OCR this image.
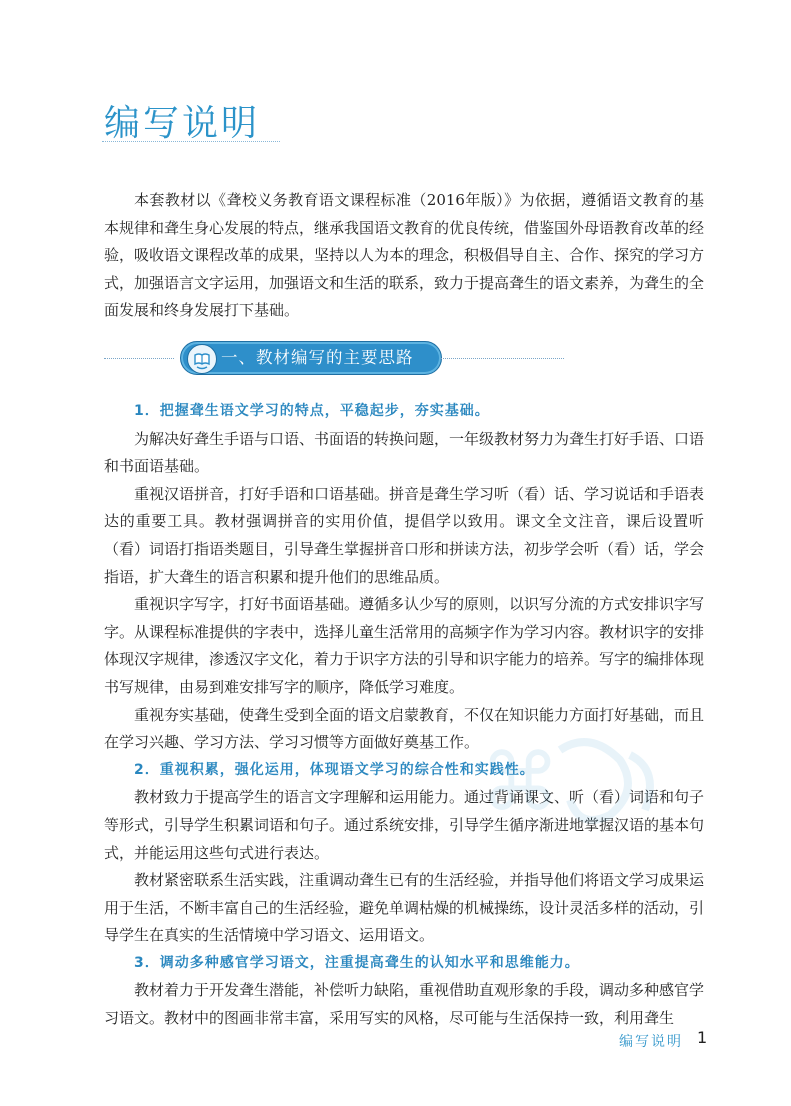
编写说明

本套教材以《聋校义务教育语文课程标准（2016年版）》为依据，遵循语文教育的基本规律和聋生身心发展的特点，继承我国语文教育的优良传统，借鉴国外母语教育改革的经验，吸收语文课程改革的成果，坚持以人为本的理念，积极倡导自主、合作、探究的学习方式，加强语言文字运用，加强语文和生活的联系，致力于提高聋生的语文素养，为聋生的全面发展和终身发展打下基础。

一、教材编写的主要思路

1．把握聋生语文学习的特点，平稳起步，夯实基础。

为解决好聋生手语与口语、书面语的转换问题，一年级教材努力为聋生打好手语、口语和书面语基础。

重视汉语拼音，打好手语和口语基础。拼音是聋生学习听（看）话、学习说话和手语表达的重要工具。教材强调拼音的实用价值，提倡学以致用。课文全文注音，课后设置听（看）词语打指语类题目，引导聋生掌握拼音口形和拼读方法，初步学会听（看）话，学会指语，扩大聋生的语言积累和提升他们的思维品质。

重视识字写字，打好书面语基础。遵循多认少写的原则，以识写分流的方式安排识字写字。从课程标准提供的字表中，选择儿童生活常用的高频字作为学习内容。教材识字的安排体现汉字规律，渗透汉字文化，着力于识字方法的引导和识字能力的培养。写字的编排体现书写规律，由易到难安排写字的顺序，降低学习难度。

重视夯实基础，使聋生受到全面的语文启蒙教育，不仅在知识能力方面打好基础，而且在学习兴趣、学习方法、学习习惯等方面做好奠基工作。

2．重视积累，强化运用，体现语文学习的综合性和实践性。

教材致力于提高学生的语言文字理解和运用能力。通过背诵课文、听（看）词语和句子等形式，引导学生积累词语和句子。通过系统安排，引导学生循序渐进地掌握汉语的基本句式，并能运用这些句式进行表达。

教材紧密联系生活实践，注重调动聋生已有的生活经验，并指导他们将语文学习成果运用于生活，不断丰富自己的生活经验，避免单调枯燥的机械操练，设计灵活多样的活动，引导学生在真实的生活情境中学习语文、运用语文。

3．调动多种感官学习语文，注重提高聋生的认知水平和思维能力。

教材着力于开发聋生潜能，补偿听力缺陷，重视借助直观形象的手段，调动多种感官学习语文。教材中的图画非常丰富，采用写实的风格，尽可能与生活保持一致，利用聋生

⌘
编写说明 1
